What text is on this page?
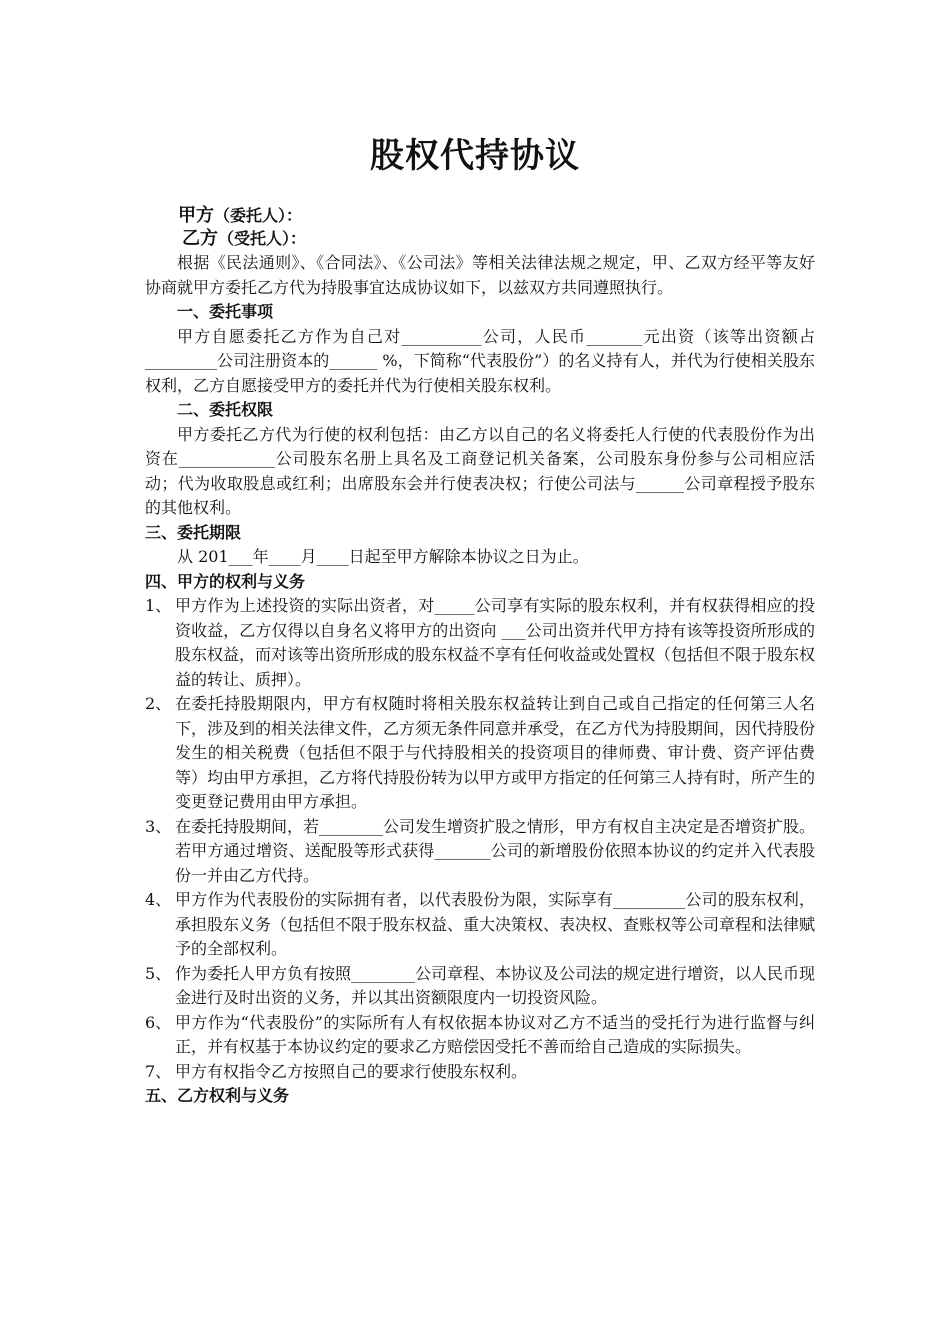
股权代持协议
甲方（委托人）：
乙方（受托人）：

根据《民法通则》、《合同法》、《公司法》等相关法律法规之规定，甲、乙双方经平等友好协商就甲方委托乙方代为持股事宜达成协议如下，以兹双方共同遵照执行。

一、委托事项

甲方自愿委托乙方作为自己对__________公司，人民币_______元出资（该等出资额占_________公司注册资本的______ %，下简称“代表股份”）的名义持有人，并代为行使相关股东权利，乙方自愿接受甲方的委托并代为行使相关股东权利。

二、委托权限

甲方委托乙方代为行使的权利包括：由乙方以自己的名义将委托人行使的代表股份作为出资在____________公司股东名册上具名及工商登记机关备案，公司股东身份参与公司相应活动；代为收取股息或红利；出席股东会并行使表决权；行使公司法与______公司章程授予股东的其他权利。

三、委托期限

从 201___年____月____日起至甲方解除本协议之日为止。

四、甲方的权利与义务

1、 甲方作为上述投资的实际出资者，对_____公司享有实际的股东权利，并有权获得相应的投资收益，乙方仅得以自身名义将甲方的出资向 ___公司出资并代甲方持有该等投资所形成的股东权益，而对该等出资所形成的股东权益不享有任何收益或处置权（包括但不限于股东权益的转让、质押）。
2、 在委托持股期限内，甲方有权随时将相关股东权益转让到自己或自己指定的任何第三人名下，涉及到的相关法律文件，乙方须无条件同意并承受，在乙方代为持股期间，因代持股份发生的相关税费（包括但不限于与代持股相关的投资项目的律师费、审计费、资产评估费等）均由甲方承担，乙方将代持股份转为以甲方或甲方指定的任何第三人持有时，所产生的变更登记费用由甲方承担。
3、 在委托持股期间，若________公司发生增资扩股之情形，甲方有权自主决定是否增资扩股。若甲方通过增资、送配股等形式获得_______公司的新增股份依照本协议的约定并入代表股份一并由乙方代持。
4、 甲方作为代表股份的实际拥有者，以代表股份为限，实际享有_________公司的股东权利，承担股东义务（包括但不限于股东权益、重大决策权、表决权、查账权等公司章程和法律赋予的全部权利。
5、 作为委托人甲方负有按照________公司章程、本协议及公司法的规定进行增资，以人民币现金进行及时出资的义务，并以其出资额限度内一切投资风险。
6、 甲方作为“代表股份”的实际所有人有权依据本协议对乙方不适当的受托行为进行监督与纠正，并有权基于本协议约定的要求乙方赔偿因受托不善而给自己造成的实际损失。
7、 甲方有权指令乙方按照自己的要求行使股东权利。

五、乙方权利与义务
